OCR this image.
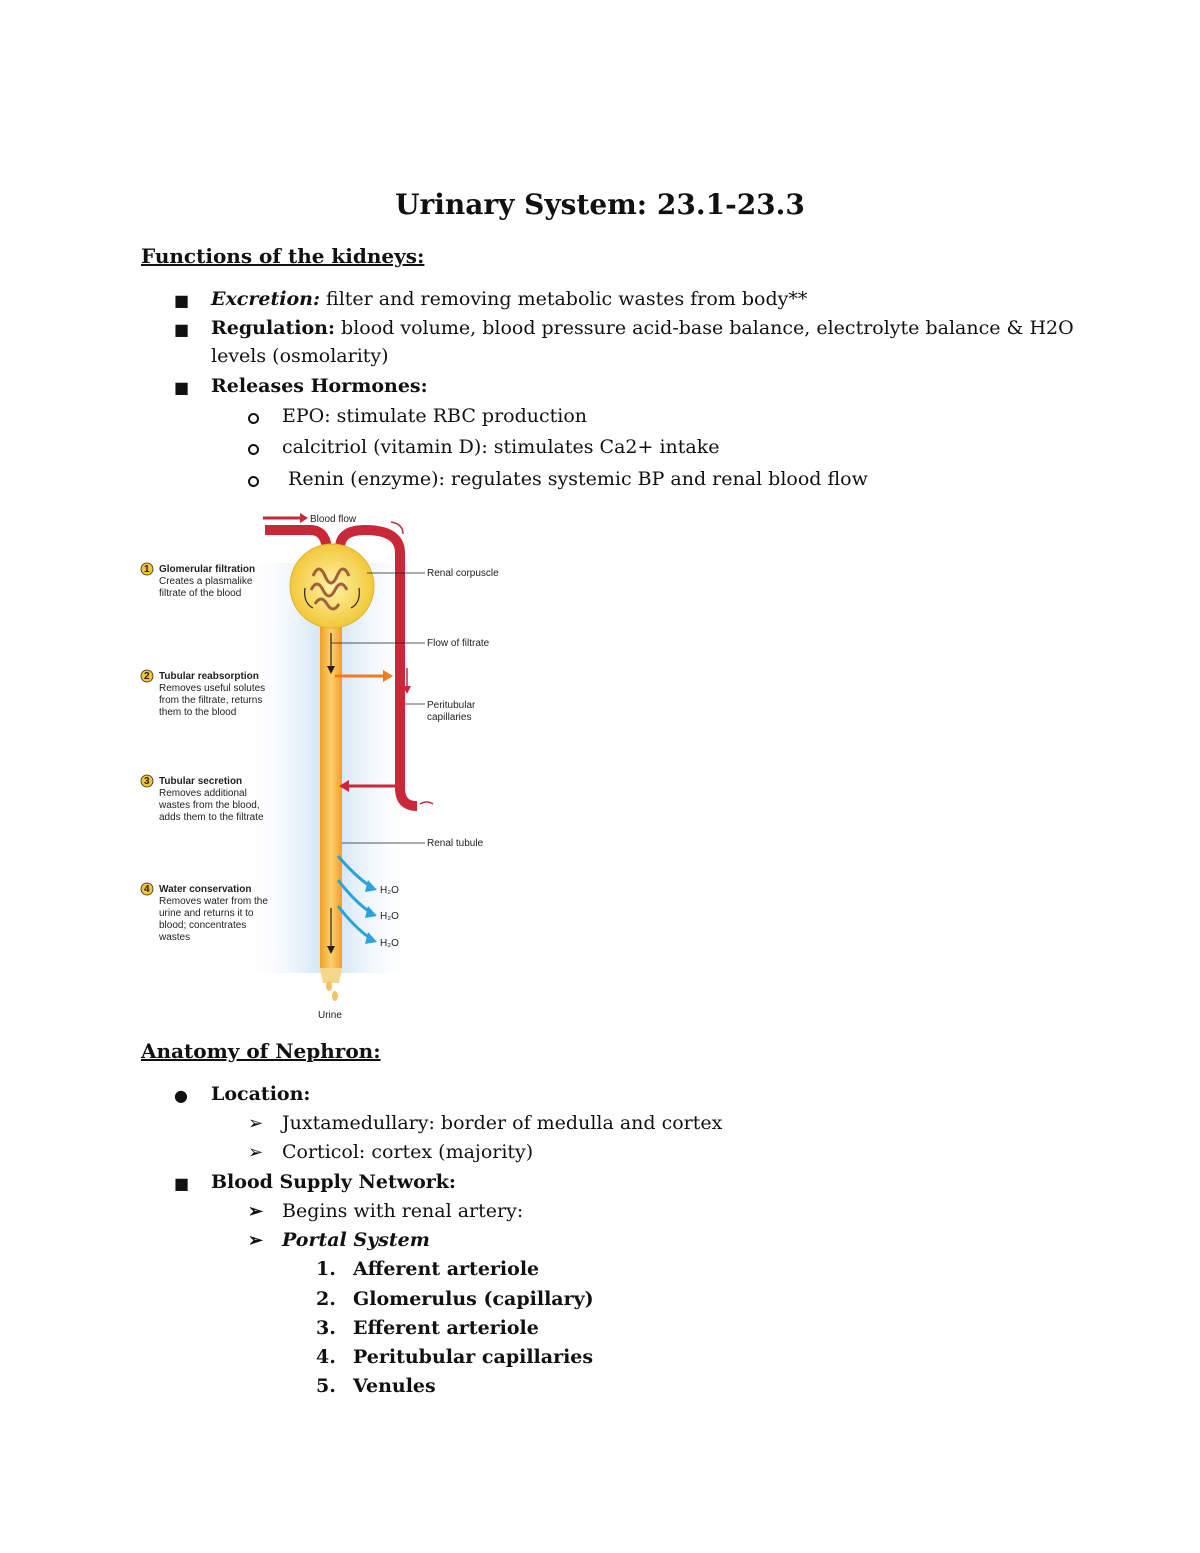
Urinary System: 23.1-23.3
Functions of the kidneys:
■ Excretion: filter and removing metabolic wastes from body**
■ Regulation: blood volume, blood pressure acid-base balance, electrolyte balance & H2O
levels (osmolarity)
■ Releases Hormones:
EPO: stimulate RBC production
calcitriol (vitamin D): stimulates Ca2+ intake
Renin (enzyme): regulates systemic BP and renal blood flow
Blood flow
Urine
Renal corpuscle
Flow of filtrate
Peritubular
capillaries
Renal tubule
H₂O
H₂O
H₂O
1 Glomerular filtration
Creates a plasmalike
filtrate of the blood
2 Tubular reabsorption
Removes useful solutes
from the filtrate, returns
them to the blood
3 Tubular secretion
Removes additional
wastes from the blood,
adds them to the filtrate
4 Water conservation
Removes water from the
urine and returns it to
blood; concentrates
wastes
Anatomy of Nephron:
● Location:
➢ Juxtamedullary: border of medulla and cortex
➢ Corticol: cortex (majority)
■ Blood Supply Network:
➢ Begins with renal artery:
➢ Portal System
1. Afferent arteriole
2. Glomerulus (capillary)
3. Efferent arteriole
4. Peritubular capillaries
5. Venules
